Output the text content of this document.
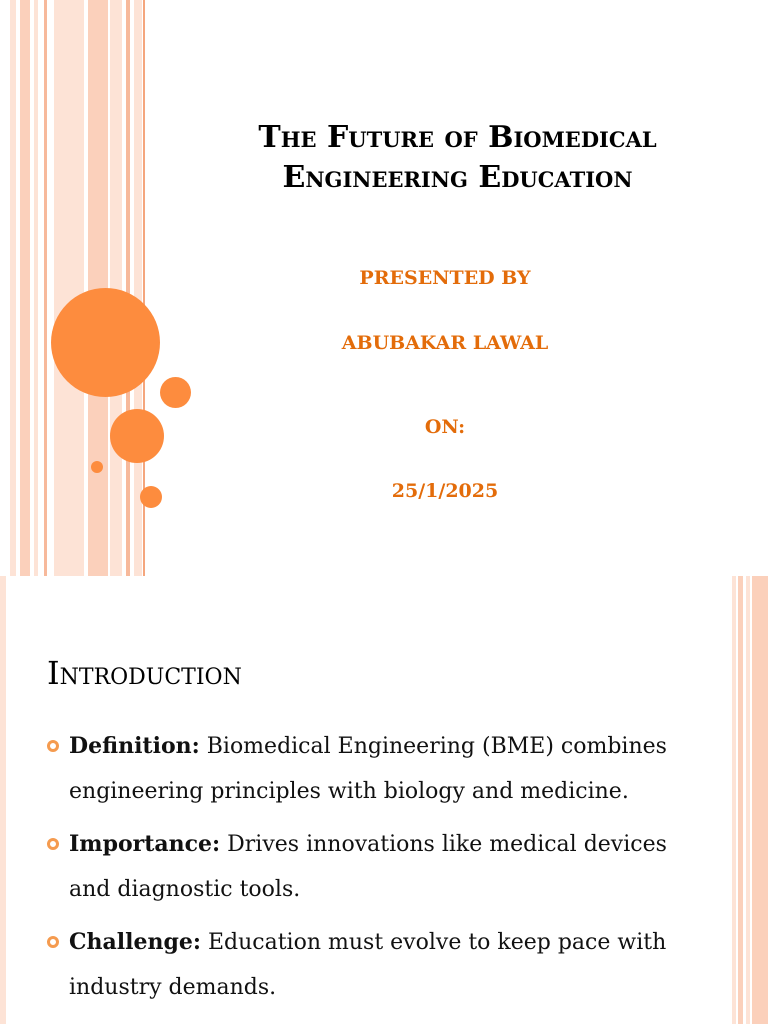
The Future of Biomedical
Engineering Education

PRESENTED BY

ABUBAKAR LAWAL

ON:

25/1/2025

Introduction
Definition: Biomedical Engineering (BME) combines engineering principles with biology and medicine.
Importance: Drives innovations like medical devices and diagnostic tools.
Challenge: Education must evolve to keep pace with industry demands.
